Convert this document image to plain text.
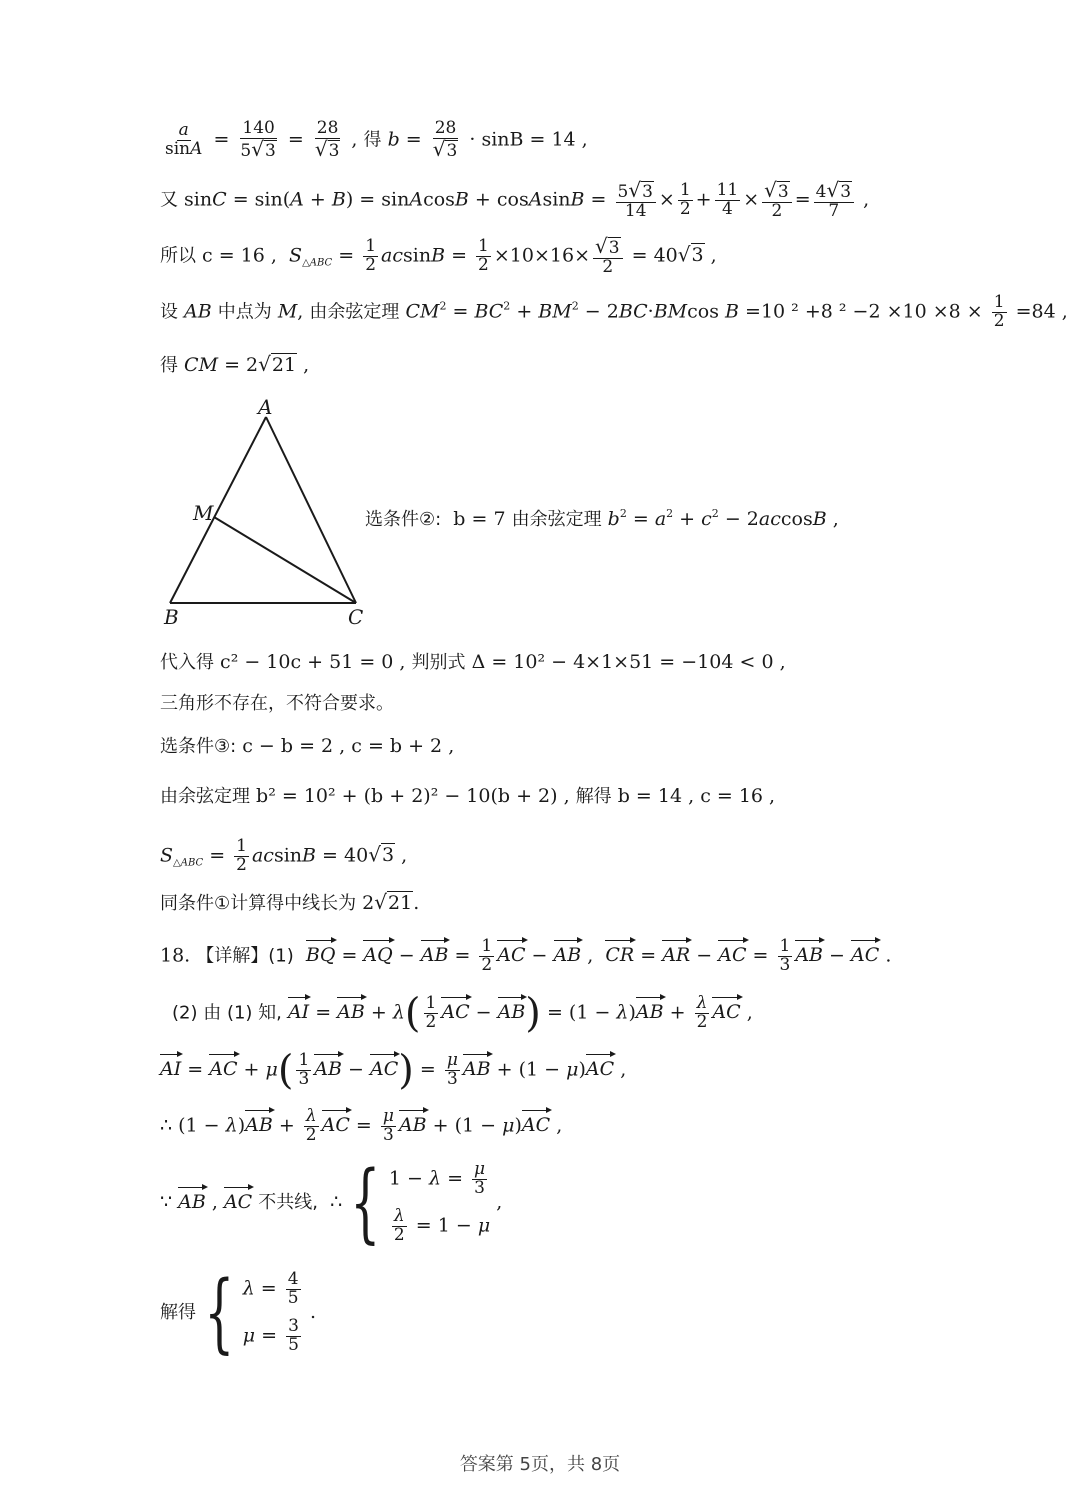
$\frac{a}{\sin A} = \frac{140}{5√3} = \frac{28}{√3}$ , 得 $b = \frac{28}{√3} \cdot \sin B = 14$ ,
又 sinC = sin(A + B) = sinAcosB + cosAsinB = $\frac{5√3}{14} \times \frac{1}{2} + \frac{11}{4} \times \frac{√3}{2} = \frac{4√3}{7}$ ,
所以 c = 16 , $S_{\triangle ABC} = \frac{1}{2}$ $acsinB = \frac{1}{2} \times 10\times 16\times \frac{√3}{2} = 40√3$ ,
设 AB 中点为 M, 由余弦定理 $CM^2 = BC^2 + BM^2 - 2BC\cdot BMcos$ B =10 ² +8 $^2 -2 \times 10 \times 8 \times \frac{1}{2} =84$ ,
得 CM = 2√21 ,
A
M
B	C
选条件②: b = 7 由余弦定理 $b^2 = a^2 + c^2 - 2accosB$ ,
代入得 c² − 10c + 51 = 0 , 判别式 Δ = 10² − 4×1×51 = −104 < 0 ,
三角形不存在，不符合要求。
选条件③: c − b = 2 , c = b + 2 ,
由余弦定理 b² = 10² + (b + 2)² − 10(b + 2) , 解得 b = 14 , c = 16 ,
$S_{\triangle ABC} = \frac{1}{2}$ acsinB = 40√3 ,
同条件①计算得中线长为 2√21.
18. 【详解】(1) BQ = AQ − AB = $\frac{1}{2}$ AC − AB ,  CR = AR − AC = $\frac{1}{3}$ AB − AC .
(2) 由 (1) 知, AI = AB + $\lambda( \frac{1}{2}$ AC − $AB) = (1 - \lambda)AB + \frac{\lambda}{2}$ AC ,
AI = AC + $\mu( \frac{1}{3}$ AB − $AC) = \frac{\mu}{3}$ AB + (1 − μ)AC ,
∴ $(1 - \lambda)AB + \frac{\lambda}{2}$ AC = $\frac{\mu}{3}$ AB + (1 − μ)AC ,
∵ AB , AC 不共线,  ∴{ $1 - \lambda = \frac{\mu}{3}$
$\frac{\lambda}{2} = 1 - \mu$
,
解得{ $\lambda = \frac{4}{5}$
$\mu = \frac{3}{5}$
.
答案第 5页，共 8页
